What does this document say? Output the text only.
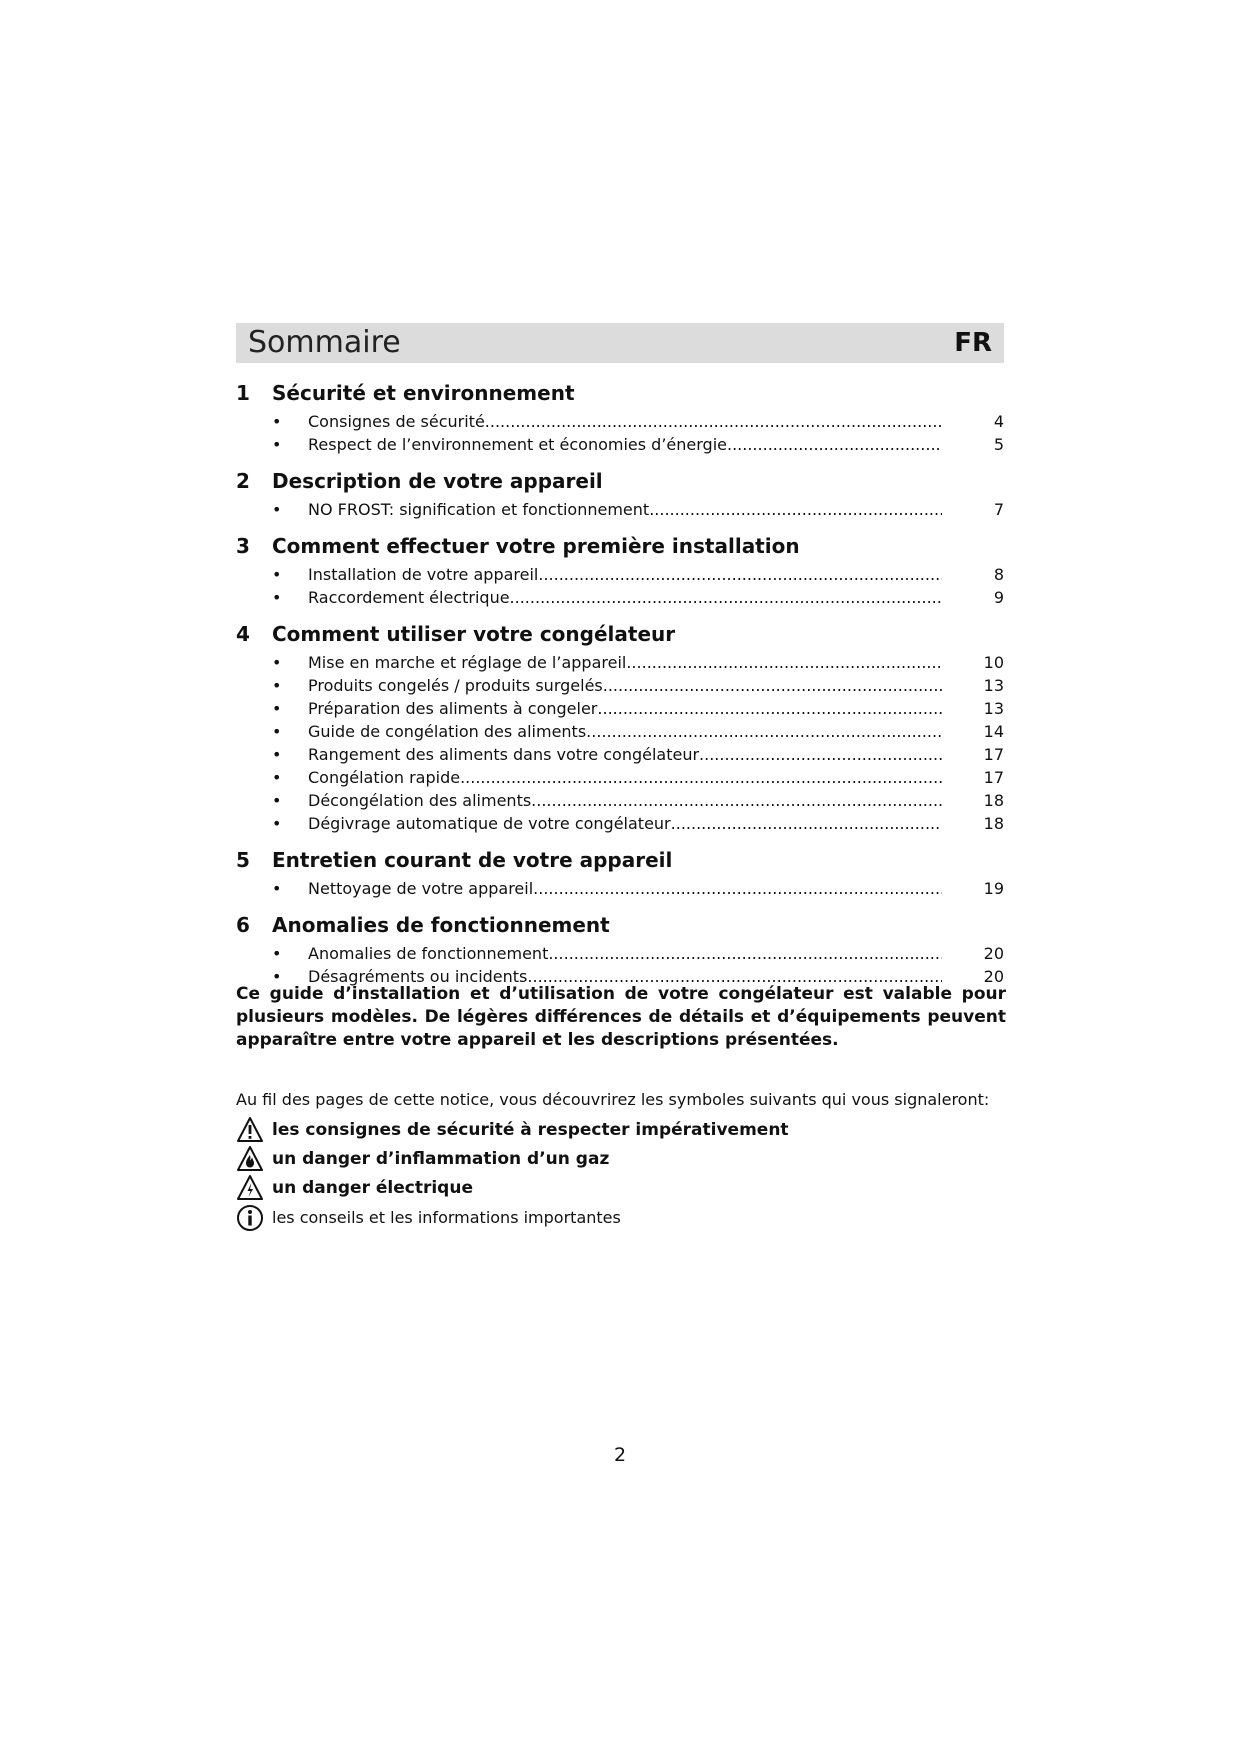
Sommaire	FR
1 Sécurité et environnement
• Consignes de sécurité .....	4
• Respect de l’environnement et économies d’énergie .....	5
2 Description de votre appareil
• NO FROST: signification et fonctionnement .....	7
3 Comment effectuer votre première installation
• Installation de votre appareil .....	8
• Raccordement électrique .....	9
4 Comment utiliser votre congélateur
• Mise en marche et réglage de l’appareil .....	10
• Produits congelés / produits surgelés .....	13
• Préparation des aliments à congeler .....	13
• Guide de congélation des aliments .....	14
• Rangement des aliments dans votre congélateur .....	17
• Congélation rapide .....	17
• Décongélation des aliments .....	18
• Dégivrage automatique de votre congélateur .....	18
5 Entretien courant de votre appareil
• Nettoyage de votre appareil .....	19
6 Anomalies de fonctionnement
• Anomalies de fonctionnement .....	20
• Désagréments ou incidents .....	20

Ce guide d’installation et d’utilisation de votre congélateur est valable pour plusieurs modèles. De légères différences de détails et d’équipements peuvent apparaître entre votre appareil et les descriptions présentées.

Au fil des pages de cette notice, vous découvrirez les symboles suivants qui vous signaleront:

les consignes de sécurité à respecter impérativement
un danger d’inflammation d’un gaz
un danger électrique
les conseils et les informations importantes
2
